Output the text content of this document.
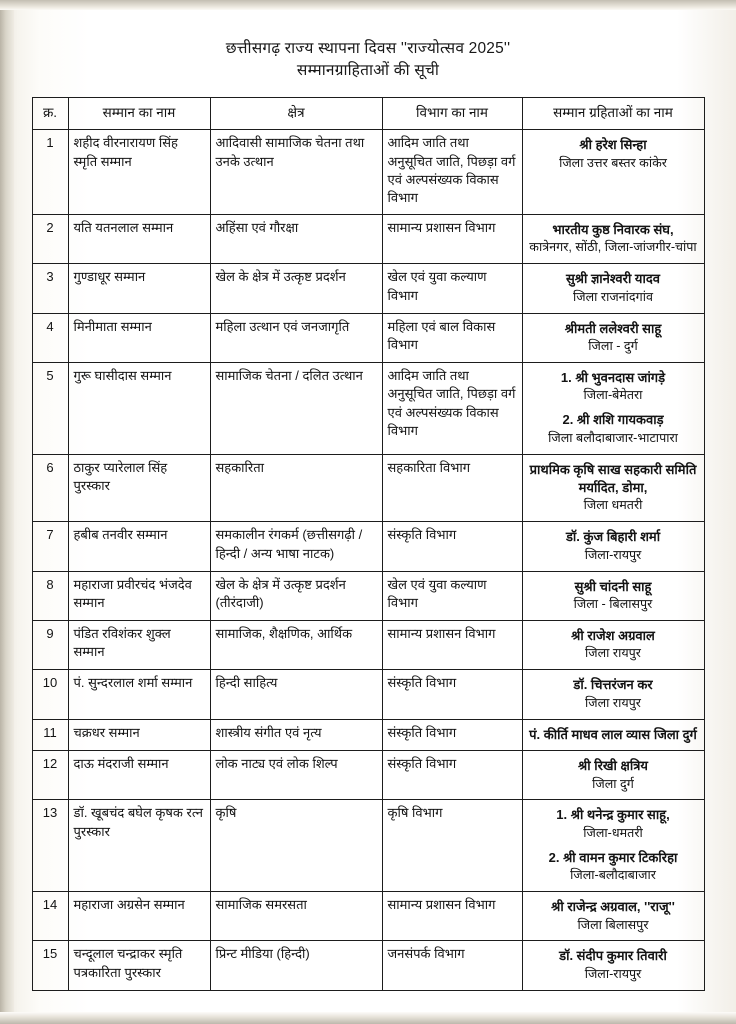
छत्तीसगढ़ राज्य स्थापना दिवस ''राज्योत्सव 2025''
सम्मानग्राहिताओं की सूची
क्र.	सम्मान का नाम	क्षेत्र	विभाग का नाम	सम्मान ग्रहिताओं का नाम
1	शहीद वीरनारायण सिंह स्मृति सम्मान	आदिवासी सामाजिक चेतना तथा उनके उत्थान	आदिम जाति तथा अनुसूचित जाति, पिछड़ा वर्ग एवं अल्पसंख्यक विकास विभाग	श्री हरेश सिन्हा
जिला उत्तर बस्तर कांकेर

2	यति यतनलाल सम्मान	अहिंसा एवं गौरक्षा	सामान्य प्रशासन विभाग	भारतीय कुष्ठ निवारक संघ,
कात्रेनगर, सोंठी, जिला-जांजगीर-चांपा

3	गुण्डाधूर सम्मान	खेल के क्षेत्र में उत्कृष्ट प्रदर्शन	खेल एवं युवा कल्याण विभाग	सुश्री ज्ञानेश्वरी यादव
जिला राजनांदगांव

4	मिनीमाता सम्मान	महिला उत्थान एवं जनजागृति	महिला एवं बाल विकास विभाग	श्रीमती ललेश्वरी साहू
जिला - दुर्ग

5	गुरू घासीदास सम्मान	सामाजिक चेतना / दलित उत्थान	आदिम जाति तथा अनुसूचित जाति, पिछड़ा वर्ग एवं अल्पसंख्यक विकास विभाग	1. श्री भुवनदास जांगड़े
जिला-बेमेतरा
2. श्री शशि गायकवाड़
जिला बलौदाबाजार-भाटापारा

6	ठाकुर प्यारेलाल सिंह पुरस्कार	सहकारिता	सहकारिता विभाग	प्राथमिक कृषि साख सहकारी समिति मर्यादित, डोमा,
जिला धमतरी

7	हबीब तनवीर सम्मान	समकालीन रंगकर्म (छत्तीसगढ़ी / हिन्दी / अन्य भाषा नाटक)	संस्कृति विभाग	डॉ. कुंज बिहारी शर्मा
जिला-रायपुर

8	महाराजा प्रवीरचंद भंजदेव सम्मान	खेल के क्षेत्र में उत्कृष्ट प्रदर्शन (तीरंदाजी)	खेल एवं युवा कल्याण विभाग	सुश्री चांदनी साहू
जिला - बिलासपुर

9	पंडित रविशंकर शुक्ल सम्मान	सामाजिक, शैक्षणिक, आर्थिक	सामान्य प्रशासन विभाग	श्री राजेश अग्रवाल
जिला रायपुर

10	पं. सुन्दरलाल शर्मा सम्मान	हिन्दी साहित्य	संस्कृति विभाग	डॉ. चित्तरंजन कर
जिला रायपुर

11	चक्रधर सम्मान	शास्त्रीय संगीत एवं नृत्य	संस्कृति विभाग	पं. कीर्ति माधव लाल व्यास जिला दुर्ग

12	दाऊ मंदराजी सम्मान	लोक नाट्य एवं लोक शिल्प	संस्कृति विभाग	श्री रिखी क्षत्रिय
जिला दुर्ग

13	डॉ. खूबचंद बघेल कृषक रत्न पुरस्कार	कृषि	कृषि विभाग	1. श्री थनेन्द्र कुमार साहू,
जिला-धमतरी
2. श्री वामन कुमार टिकरिहा
जिला-बलौदाबाजार

14	महाराजा अग्रसेन सम्मान	सामाजिक समरसता	सामान्य प्रशासन विभाग	श्री राजेन्द्र अग्रवाल, ''राजू''
जिला बिलासपुर

15	चन्दूलाल चन्द्राकर स्मृति पत्रकारिता पुरस्कार	प्रिन्ट मीडिया (हिन्दी)	जनसंपर्क विभाग	डॉ. संदीप कुमार तिवारी
जिला-रायपुर
